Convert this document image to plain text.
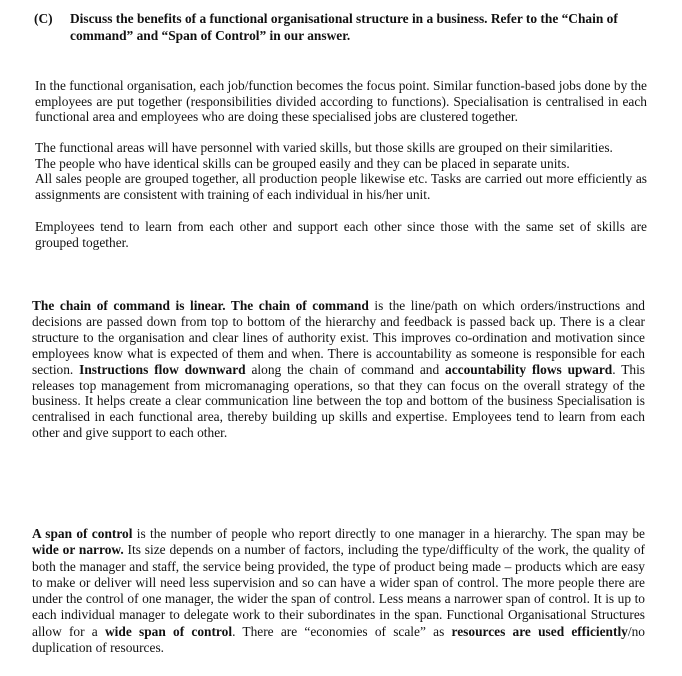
(C) Discuss the benefits of a functional organisational structure in a business. Refer to the “Chain of command” and “Span of Control” in our answer.

In the functional organisation, each job/function becomes the focus point. Similar function-based jobs done by the employees are put together (responsibilities divided according to functions). Specialisation is centralised in each functional area and employees who are doing these specialised jobs are clustered together.

The functional areas will have personnel with varied skills, but those skills are grouped on their similarities.
The people who have identical skills can be grouped easily and they can be placed in separate units.
All sales people are grouped together, all production people likewise etc. Tasks are carried out more efficiently as assignments are consistent with training of each individual in his/her unit.

Employees tend to learn from each other and support each other since those with the same set of skills are grouped together.

The chain of command is linear. The chain of command is the line/path on which orders/instructions and decisions are passed down from top to bottom of the hierarchy and feedback is passed back up. There is a clear structure to the organisation and clear lines of authority exist. This improves co-ordination and motivation since employees know what is expected of them and when. There is accountability as someone is responsible for each section. Instructions flow downward along the chain of command and accountability flows upward. This releases top management from micromanaging operations, so that they can focus on the overall strategy of the business. It helps create a clear communication line between the top and bottom of the business Specialisation is centralised in each functional area, thereby building up skills and expertise. Employees tend to learn from each other and give support to each other.

A span of control is the number of people who report directly to one manager in a hierarchy. The span may be wide or narrow. Its size depends on a number of factors, including the type/difficulty of the work, the quality of both the manager and staff, the service being provided, the type of product being made – products which are easy to make or deliver will need less supervision and so can have a wider span of control. The more people there are under the control of one manager, the wider the span of control. Less means a narrower span of control. It is up to each individual manager to delegate work to their subordinates in the span. Functional Organisational Structures allow for a wide span of control. There are “economies of scale” as resources are used efficiently/no duplication of resources.
